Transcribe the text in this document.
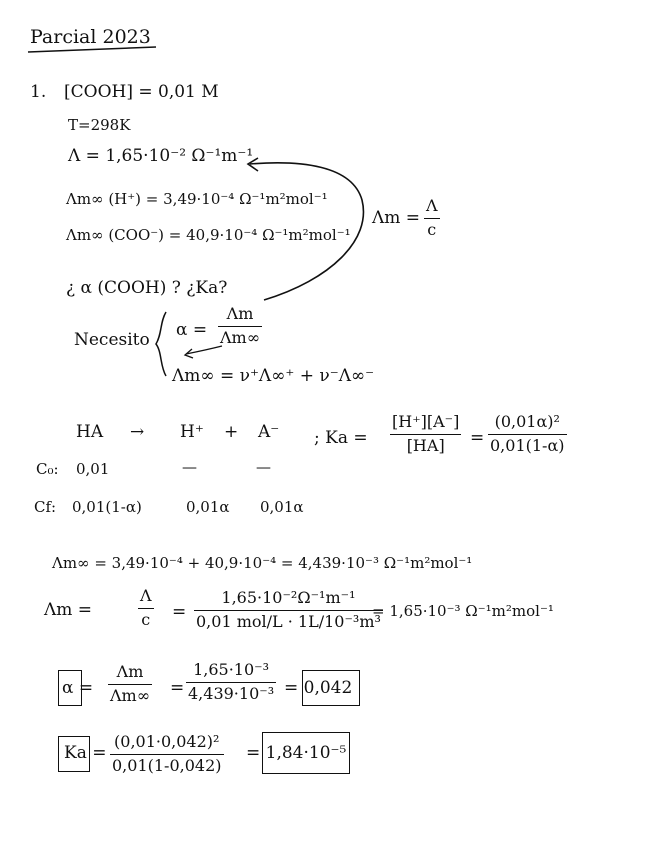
Parcial 2023
1. [COOH] = 0,01 M
T=298K
Λ = 1,65·10⁻² Ω⁻¹m⁻¹
Λm∞ (H⁺) = 3,49·10⁻⁴ Ω⁻¹m²mol⁻¹
Λm∞ (COO⁻) = 40,9·10⁻⁴ Ω⁻¹m²mol⁻¹
Λm =
Λ
c
¿ α (COOH) ? ¿Ka?
Necesito α =
Λm
Λm∞
Λm∞ = ν⁺Λ∞⁺ + ν⁻Λ∞⁻
HA → H⁺ + A⁻ ; Ka =
[H⁺][A⁻]
[HA] =
(0,01α)²
0,01(1-α)
C₀: 0,01	—	—
Cf: 0,01(1-α)	0,01α 0,01α
Λm∞ = 3,49·10⁻⁴ + 40,9·10⁻⁴ = 4,439·10⁻³ Ω⁻¹m²mol⁻¹
Λm =
Λ
c =
1,65·10⁻²Ω⁻¹m⁻¹
0,01 mol/L · 1L/10⁻³m³
= 1,65·10⁻³ Ω⁻¹m²mol⁻¹
α =
Λm
Λm∞ =
1,65·10⁻³
4,439·10⁻³ = 0,042
Ka =
(0,01·0,042)²
0,01(1-0,042)
= 1,84·10⁻⁵
